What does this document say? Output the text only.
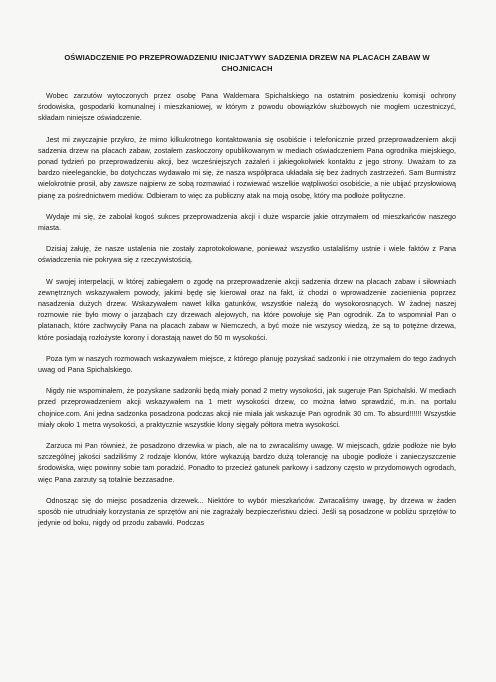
OŚWIADCZENIE PO PRZEPROWADZENIU INICJATYWY SADZENIA DRZEW NA PLACACH ZABAW W CHOJNICACH

Wobec zarzutów wytoczonych przez osobę Pana Waldemara Spichalskiego na ostatnim posiedzeniu komisji ochrony środowiska, gospodarki komunalnej i mieszkaniowej, w którym z powodu obowiązków służbowych nie mogłem uczestniczyć, składam niniejsze oświadczenie.

Jest mi zwyczajnie przykro, że mimo kilkukrotnego kontaktowania się osobiście i telefonicznie przed przeprowadzeniem akcji sadzenia drzew na placach zabaw, zostałem zaskoczony opublikowanym w mediach oświadczeniem Pana ogrodnika miejskiego, ponad tydzień po przeprowadzeniu akcji, bez wcześniejszych zażaleń i jakiegokolwiek kontaktu z jego strony. Uważam to za bardzo nieeleganckie, bo dotychczas wydawało mi się, że nasza współpraca układała się bez żadnych zastrzeżeń. Sam Burmistrz wielokrotnie prosił, aby zawsze najpierw ze sobą rozmawiać i rozwiewać wszelkie wątpliwości osobiście, a nie ubijać przysłowiową pianę za pośrednictwem mediów. Odbieram to więc za publiczny atak na moją osobę, który ma podłoże polityczne.

Wydaje mi się, że zabolał kogoś sukces przeprowadzenia akcji i duże wsparcie jakie otrzymałem od mieszkańców naszego miasta.

Dzisiaj żałuję, że nasze ustalenia nie zostały zaprotokołowane, ponieważ wszystko ustalaliśmy ustnie i wiele faktów z Pana oświadczenia nie pokrywa się z rzeczywistością.

W swojej interpelacji, w której zabiegałem o zgodę na przeprowadzenie akcji sadzenia drzew na placach zabaw i siłowniach zewnętrznych wskazywałem powody, jakimi będę się kierował oraz na fakt, iż chodzi o wprowadzenie zacienienia poprzez nasadzenia dużych drzew. Wskazywałem nawet kilka gatunków, wszystkie należą do wysokorosnących. W żadnej naszej rozmowie nie było mowy o jarząbach czy drzewach alejowych, na które powołuje się Pan ogrodnik. Za to wspomniał Pan o platanach, które zachwyciły Pana na placach zabaw w Niemczech, a być może nie wszyscy wiedzą, że są to potężne drzewa, które posiadają rozłożyste korony i dorastają nawet do 50 m wysokości.

Poza tym w naszych rozmowach wskazywałem miejsce, z którego planuję pozyskać sadzonki i nie otrzymałem do tego żadnych uwag od Pana Spichalskiego.

Nigdy nie wspominałem, że pozyskane sadzonki będą miały ponad 2 metry wysokości, jak sugeruje Pan Spichalski. W mediach przed przeprowadzeniem akcji wskazywałem na 1 metr wysokości drzew, co można łatwo sprawdzić, m.in. na portalu chojnice.com. Ani jedna sadzonka posadzona podczas akcji nie miała jak wskazuje Pan ogrodnik 30 cm. To absurd!!!!!! Wszystkie miały około 1 metra wysokości, a praktycznie wszystkie klony sięgały półtora metra wysokości.

Zarzuca mi Pan również, że posadzono drzewka w piach, ale na to zwracaliśmy uwagę. W miejscach, gdzie podłoże nie było szczególnej jakości sadziliśmy 2 rodzaje klonów, które wykazują bardzo dużą tolerancję na ubogie podłoże i zanieczyszczenie środowiska, więc powinny sobie tam poradzić. Ponadto to przecież gatunek parkowy i sadzony często w przydomowych ogrodach, więc Pana zarzuty są totalnie bezzasadne.

Odnosząc się do miejsc posadzenia drzewek... Niektóre to wybór mieszkańców. Zwracaliśmy uwagę, by drzewa w żaden sposób nie utrudniały korzystania ze sprzętów ani nie zagrażały bezpieczeństwu dzieci. Jeśli są posadzone w pobliżu sprzętów to jedynie od boku, nigdy od przodu zabawki. Podczas
